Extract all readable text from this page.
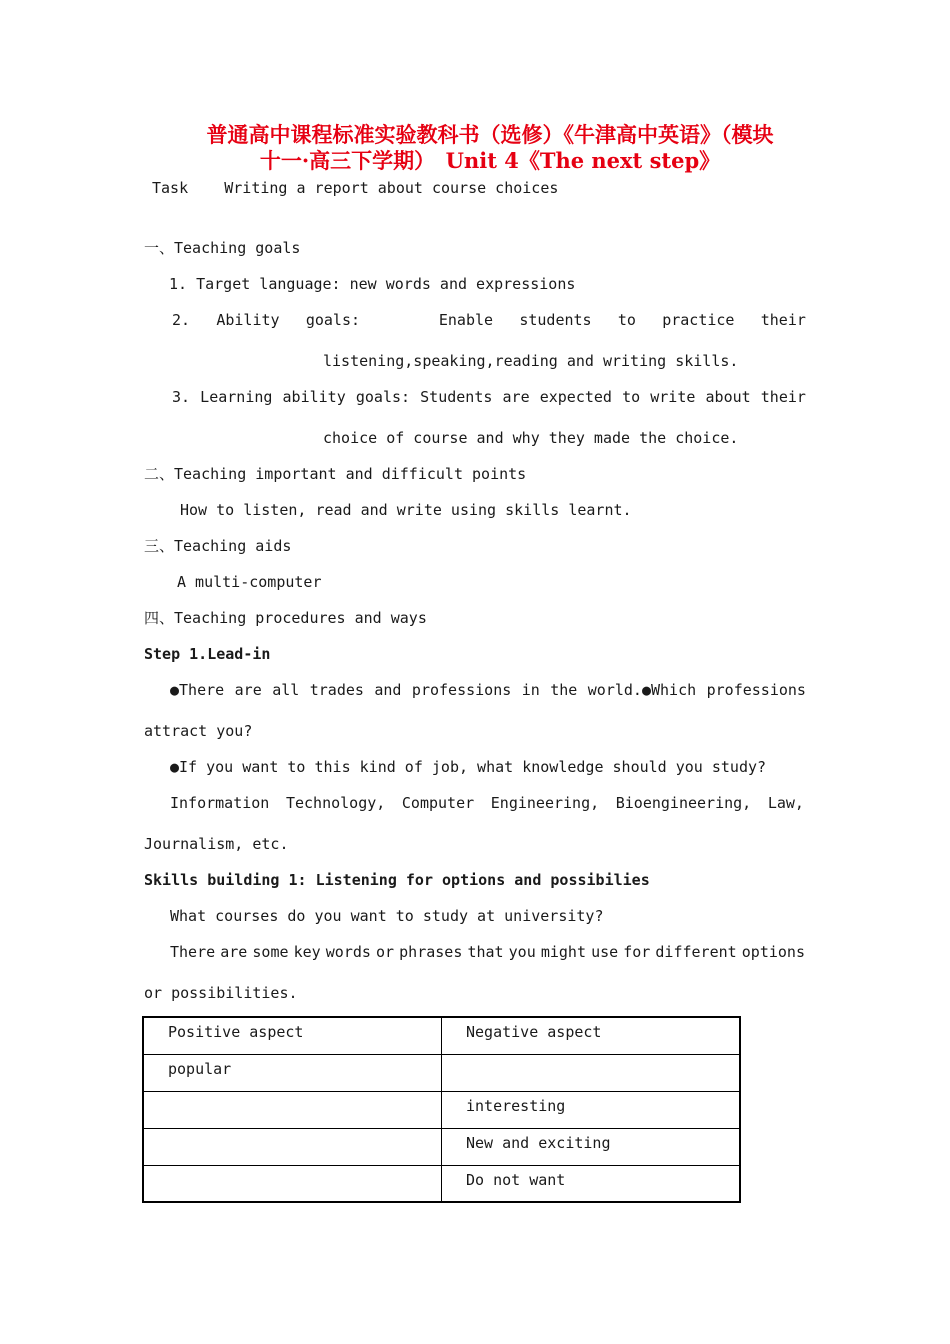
普通高中课程标准实验教科书（选修）《牛津高中英语》（模块
十一·高三下学期）　Unit 4《The next step》
Task Writing a report about course choices
一、Teaching goals
1. Target language: new words and expressions
2. Ability goals:	Enable students to practice their
listening,speaking,reading and writing skills.
3. Learning ability goals: Students are expected to write about their
choice of course and why they made the choice.
二、Teaching important and difficult points
How to listen, read and write using skills learnt.
三、Teaching aids
A multi-computer
四、Teaching procedures and ways
Step 1.Lead-in
●There are all trades and professions in the world.●Which professions
attract you?
●If you want to this kind of job, what knowledge should you study?
Information Technology, Computer Engineering, Bioengineering, Law,
Journalism, etc.
Skills building 1: Listening for options and possibilies
What courses do you want to study at university?
There are some key words or phrases that you might use for different options
or possibilities.
Positive aspect	Negative aspect
popular	
	interesting
	New and exciting
	Do not want
